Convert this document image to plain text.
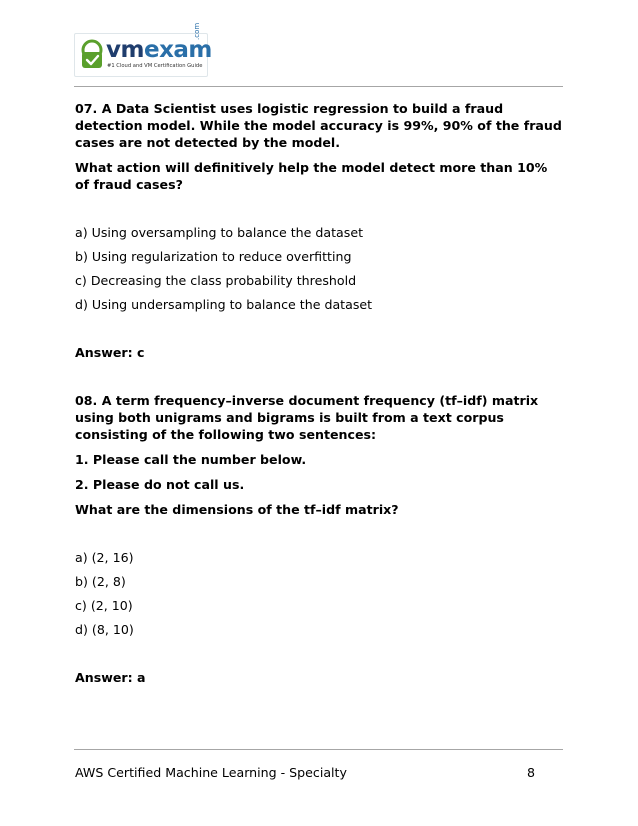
vmexam
.com
#1 Cloud and VM Certification Guide

07. A Data Scientist uses logistic regression to build a fraud detection model. While the model accuracy is 99%, 90% of the fraud cases are not detected by the model.

What action will definitively help the model detect more than 10% of fraud cases?

a) Using oversampling to balance the dataset

b) Using regularization to reduce overfitting

c) Decreasing the class probability threshold

d) Using undersampling to balance the dataset

Answer: c

08. A term frequency–inverse document frequency (tf–idf) matrix using both unigrams and bigrams is built from a text corpus consisting of the following two sentences:

1. Please call the number below.

2. Please do not call us.

What are the dimensions of the tf–idf matrix?

a) (2, 16)

b) (2, 8)

c) (2, 10)

d) (8, 10)

Answer: a

AWS Certified Machine Learning - Specialty	8
